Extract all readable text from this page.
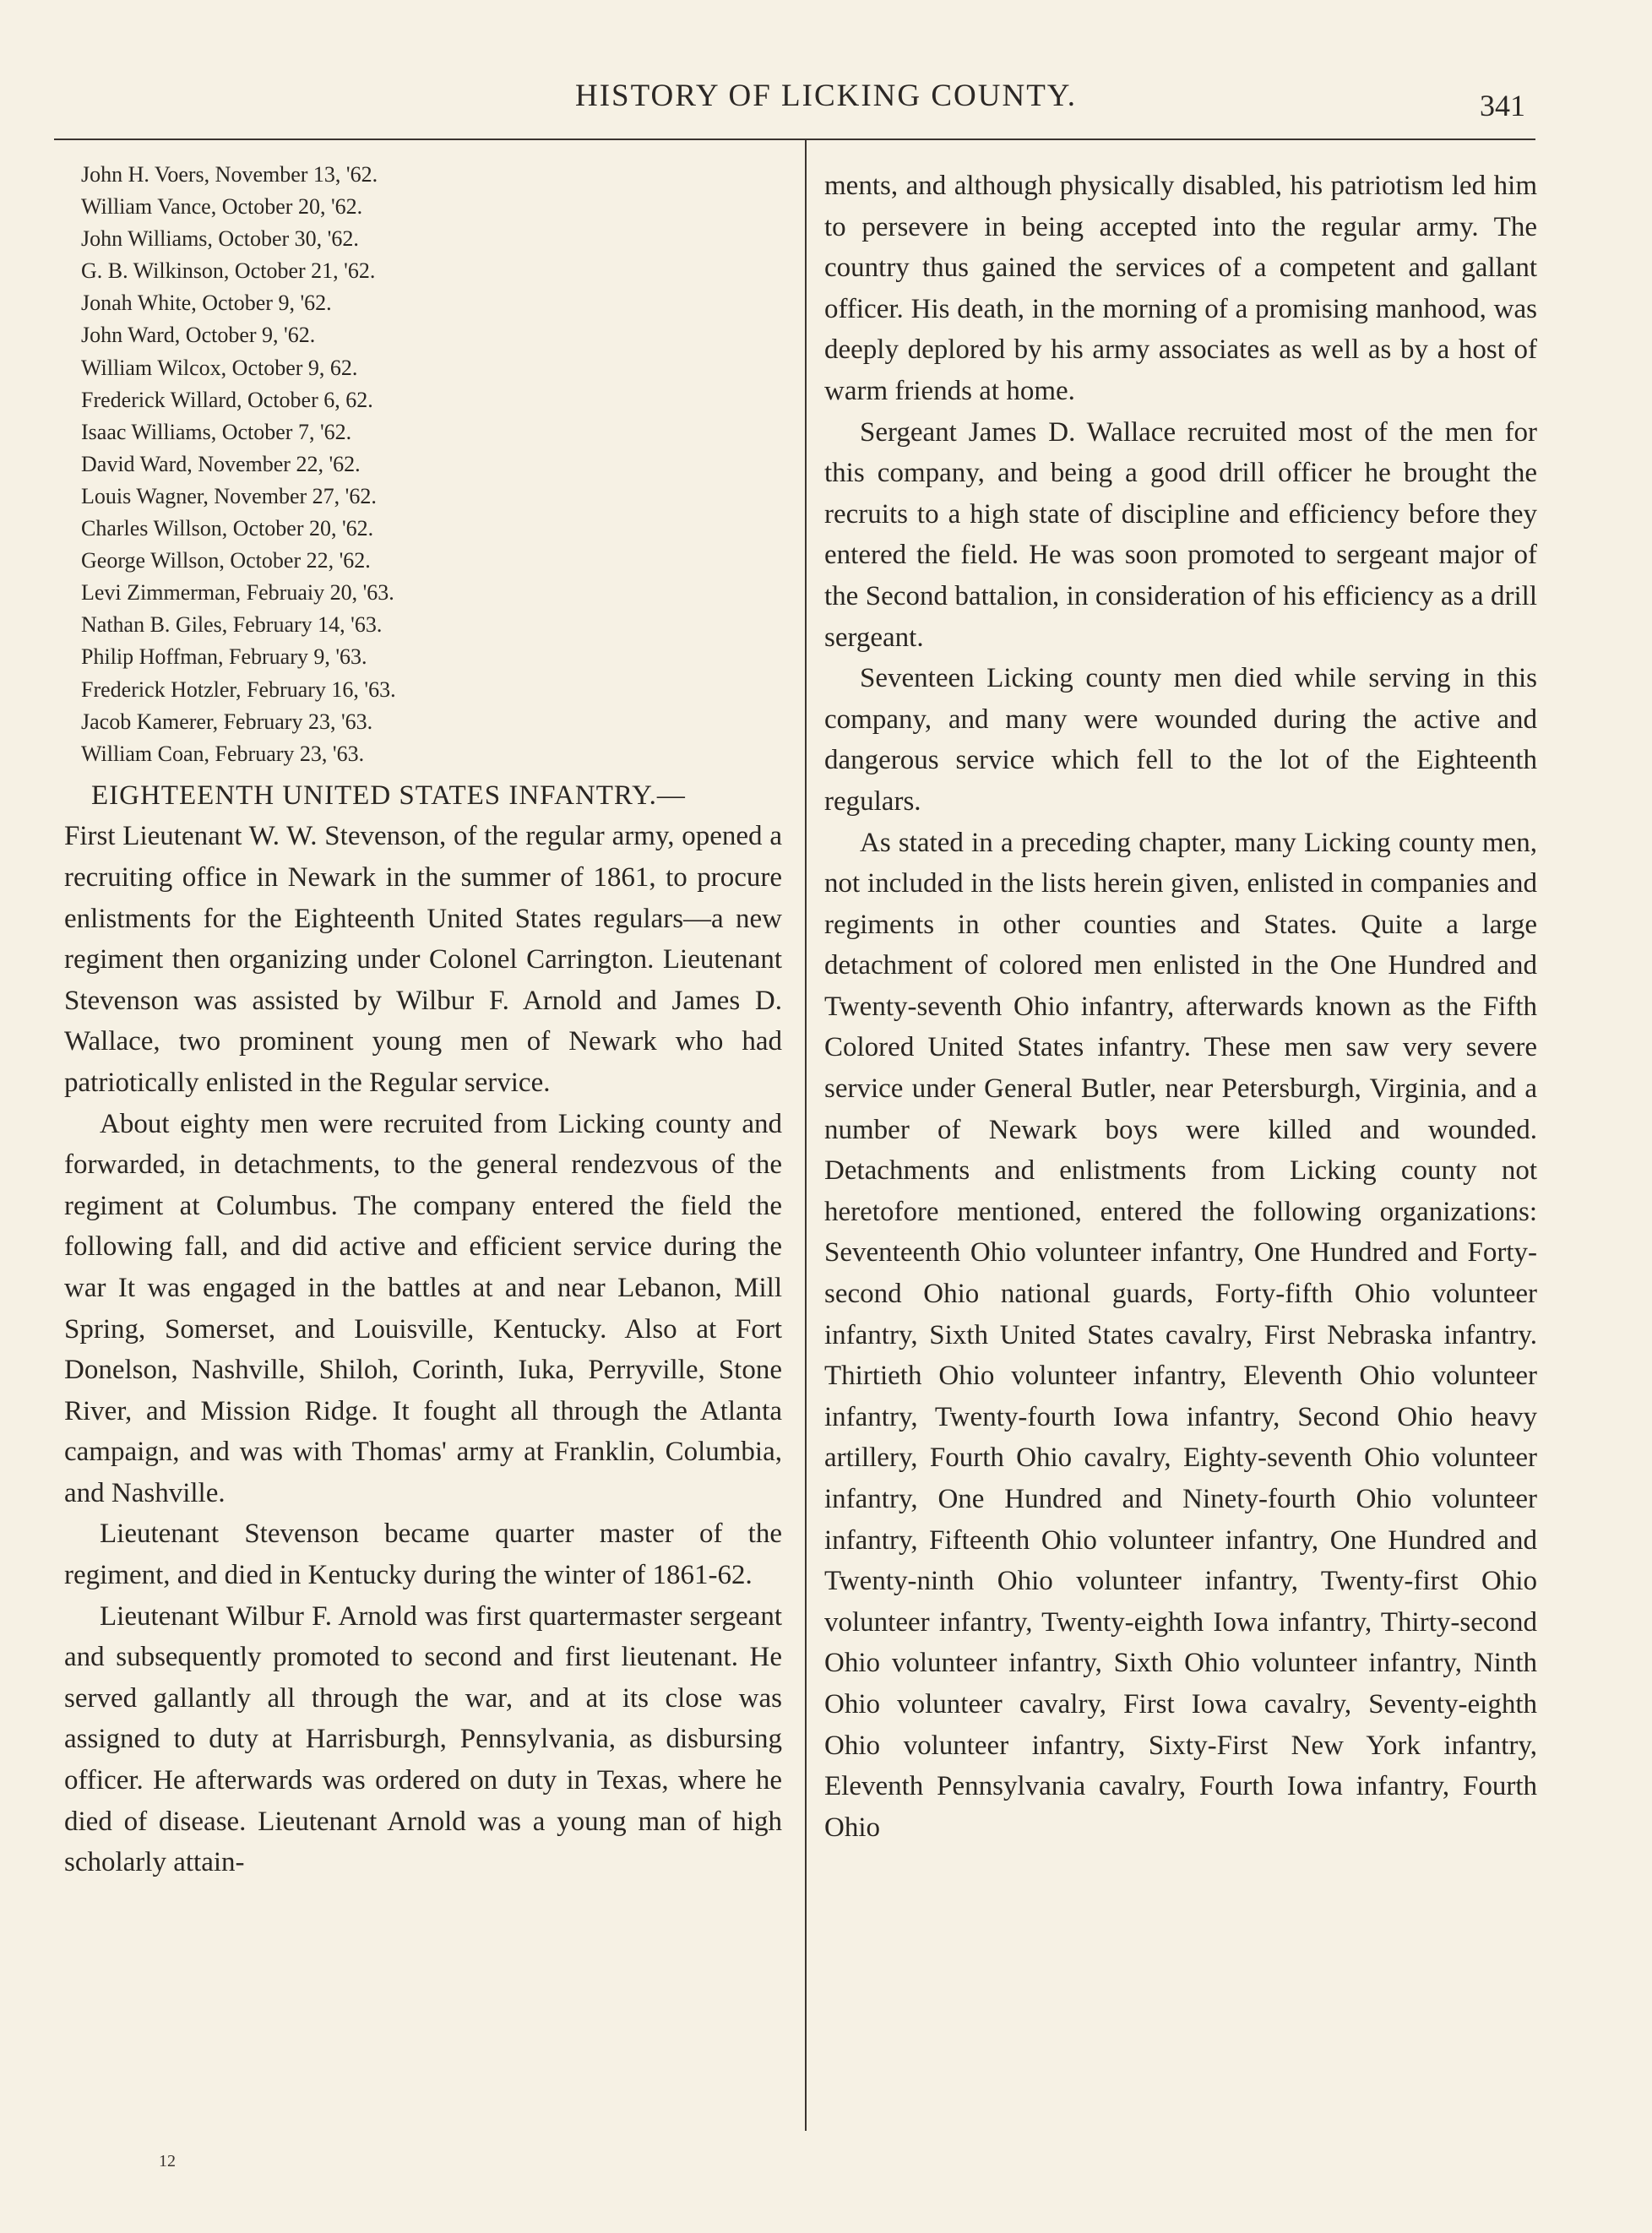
HISTORY OF LICKING COUNTY.	341
John H. Voers, November 13, '62.
William Vance, October 20, '62.
John Williams, October 30, '62.
G. B. Wilkinson, October 21, '62.
Jonah White, October 9, '62.
John Ward, October 9, '62.
William Wilcox, October 9, 62.
Frederick Willard, October 6, 62.
Isaac Williams, October 7, '62.
David Ward, November 22, '62.
Louis Wagner, November 27, '62.
Charles Willson, October 20, '62.
George Willson, October 22, '62.
Levi Zimmerman, Februaiy 20, '63.
Nathan B. Giles, February 14, '63.
Philip Hoffman, February 9, '63.
Frederick Hotzler, February 16, '63.
Jacob Kamerer, February 23, '63.
William Coan, February 23, '63.
EIGHTEENTH UNITED STATES INFANTRY.—

First Lieutenant W. W. Stevenson, of the regular army, opened a recruiting office in Newark in the summer of 1861, to procure enlistments for the Eighteenth United States regulars—a new regiment then organizing under Colonel Carrington. Lieutenant Stevenson was assisted by Wilbur F. Arnold and James D. Wallace, two prominent young men of Newark who had patriotically enlisted in the Regular service.

About eighty men were recruited from Licking county and forwarded, in detachments, to the general rendezvous of the regiment at Columbus. The company entered the field the following fall, and did active and efficient service during the war It was engaged in the battles at and near Lebanon, Mill Spring, Somerset, and Louisville, Kentucky. Also at Fort Donelson, Nashville, Shiloh, Corinth, Iuka, Perryville, Stone River, and Mission Ridge. It fought all through the Atlanta campaign, and was with Thomas' army at Franklin, Columbia, and Nashville.

Lieutenant Stevenson became quarter master of the regiment, and died in Kentucky during the winter of 1861-62.

Lieutenant Wilbur F. Arnold was first quartermaster sergeant and subsequently promoted to second and first lieutenant. He served gallantly all through the war, and at its close was assigned to duty at Harrisburgh, Pennsylvania, as disbursing officer. He afterwards was ordered on duty in Texas, where he died of disease. Lieutenant Arnold was a young man of high scholarly attain-

ments, and although physically disabled, his patriotism led him to persevere in being accepted into the regular army. The country thus gained the services of a competent and gallant officer. His death, in the morning of a promising manhood, was deeply deplored by his army associates as well as by a host of warm friends at home.

Sergeant James D. Wallace recruited most of the men for this company, and being a good drill officer he brought the recruits to a high state of discipline and efficiency before they entered the field. He was soon promoted to sergeant major of the Second battalion, in consideration of his efficiency as a drill sergeant.

Seventeen Licking county men died while serving in this company, and many were wounded during the active and dangerous service which fell to the lot of the Eighteenth regulars.

As stated in a preceding chapter, many Licking county men, not included in the lists herein given, enlisted in companies and regiments in other counties and States. Quite a large detachment of colored men enlisted in the One Hundred and Twenty-seventh Ohio infantry, afterwards known as the Fifth Colored United States infantry. These men saw very severe service under General Butler, near Petersburgh, Virginia, and a number of Newark boys were killed and wounded. Detachments and enlistments from Licking county not heretofore mentioned, entered the following organizations: Seventeenth Ohio volunteer infantry, One Hundred and Forty-second Ohio national guards, Forty-fifth Ohio volunteer infantry, Sixth United States cavalry, First Nebraska infantry. Thirtieth Ohio volunteer infantry, Eleventh Ohio volunteer infantry, Twenty-fourth Iowa infantry, Second Ohio heavy artillery, Fourth Ohio cavalry, Eighty-seventh Ohio volunteer infantry, One Hundred and Ninety-fourth Ohio volunteer infantry, Fifteenth Ohio volunteer infantry, One Hundred and Twenty-ninth Ohio volunteer infantry, Twenty-first Ohio volunteer infantry, Twenty-eighth Iowa infantry, Thirty-second Ohio volunteer infantry, Sixth Ohio volunteer infantry, Ninth Ohio volunteer cavalry, First Iowa cavalry, Seventy-eighth Ohio volunteer infantry, Sixty-First New York infantry, Eleventh Pennsylvania cavalry, Fourth Iowa infantry, Fourth Ohio

12
